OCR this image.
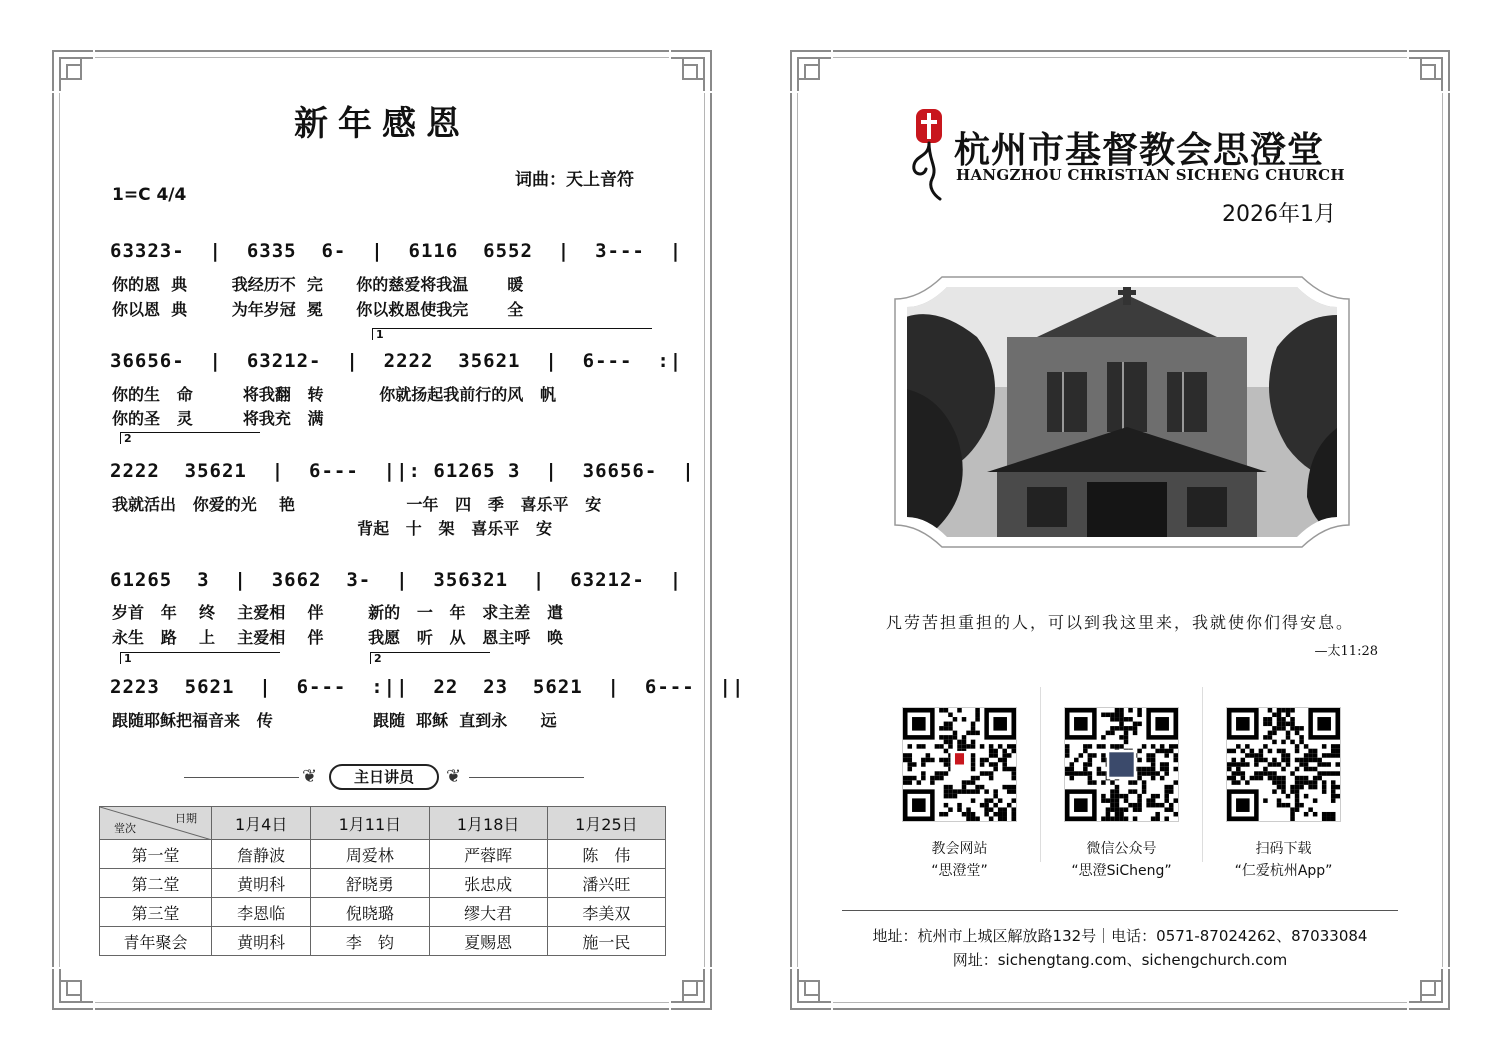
新年感恩
词曲：天上音符
1=C 4/4
63323-  |  6335  6-  |  6116  6552  |  3---  |
你的恩  典        我经历不  完      你的慈爱将我温       暖
你以恩  典        为年岁冠  冕      你以救恩使我完       全
1
36656-  |  63212-  |  2222  35621  |  6---  :|
你的生   命         将我翻   转          你就扬起我前行的风   帆
你的圣   灵         将我充   满
2
2222  35621  |  6---  ||: 61265 3  |  36656-  |
我就活出   你爱的光    艳                    一年   四   季   喜乐平   安
背起   十   架   喜乐平   安
61265  3  |  3662  3-  |  356321  |  63212-  |
岁首   年    终    主爱相    伴        新的   一   年   求主差   遣
永生   路    上    主爱相    伴        我愿   听   从   恩主呼   唤
1	2
2223  5621  |  6---  :||  22  23  5621  |  6---  ||
跟随耶稣把福音来   传                  跟随  耶稣  直到永      远
❦	主日讲员	❦
日期
堂次	1月4日	1月11日	1月18日	1月25日
第一堂	詹静波	周爱林	严蓉晖	陈　伟
第二堂	黄明科	舒晓勇	张忠成	潘兴旺
第三堂	李恩临	倪晓璐	缪大君	李美双
青年聚会	黄明科	李　钧	夏赐恩	施一民
杭州市基督教会思澄堂
HANGZHOU CHRISTIAN SICHENG CHURCH
2026年1月
凡劳苦担重担的人，可以到我这里来，我就使你们得安息。
—太11:28
教会网站
“思澄堂”
微信公众号
“思澄SiCheng”
扫码下载
“仁爱杭州App”
地址：杭州市上城区解放路132号｜电话：0571-87024262、87033084
网址：sichengtang.com、sichengchurch.com
